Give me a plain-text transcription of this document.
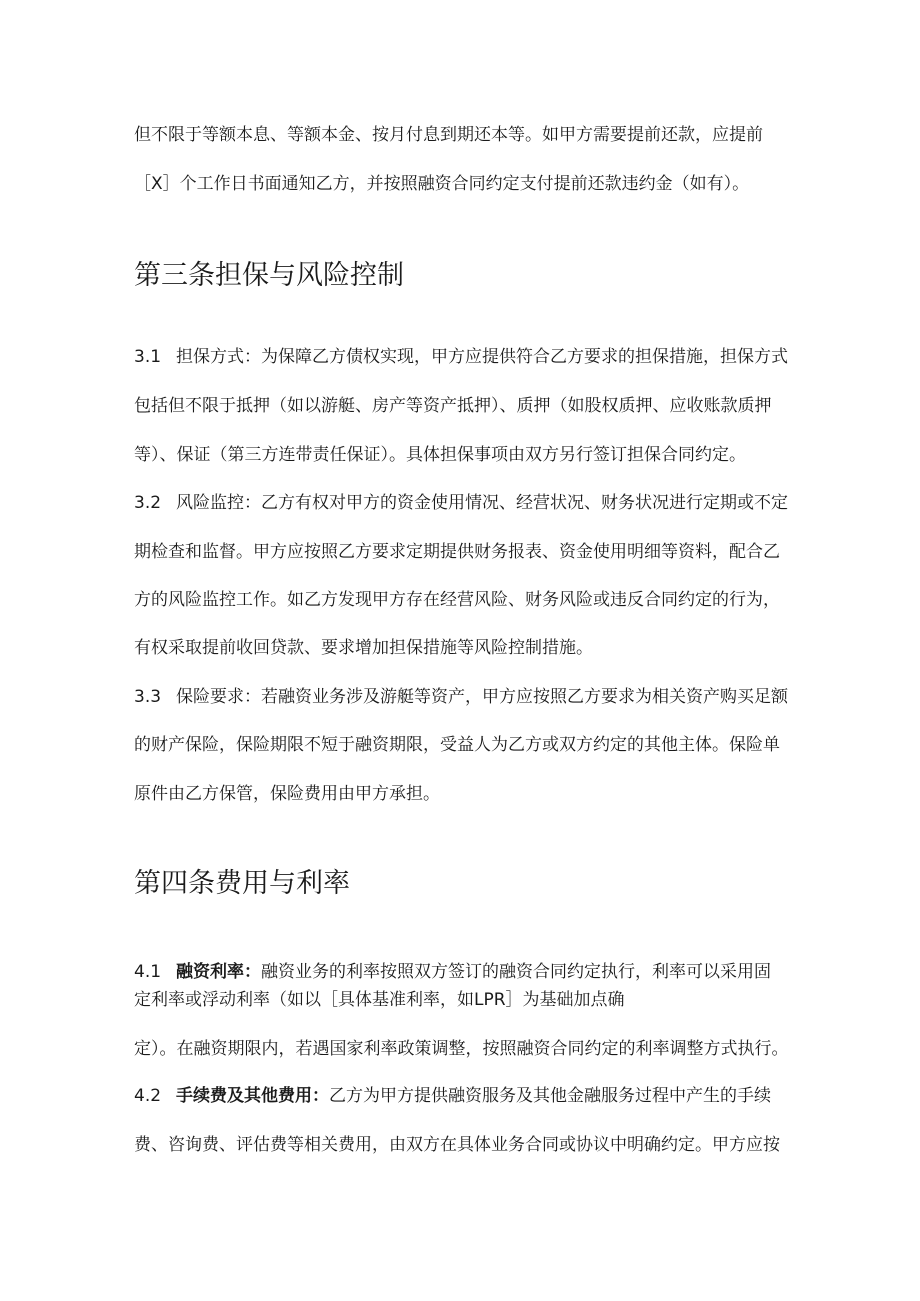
但不限于等额本息、等额本金、按月付息到期还本等。如甲方需要提前还款，应提前
［X］个工作日书面通知乙方，并按照融资合同约定支付提前还款违约金（如有）。
第三条担保与风险控制
3.1 担保方式：为保障乙方债权实现，甲方应提供符合乙方要求的担保措施，担保方式
包括但不限于抵押（如以游艇、房产等资产抵押）、质押（如股权质押、应收账款质押
等）、保证（第三方连带责任保证）。具体担保事项由双方另行签订担保合同约定。
3.2 风险监控：乙方有权对甲方的资金使用情况、经营状况、财务状况进行定期或不定
期检查和监督。甲方应按照乙方要求定期提供财务报表、资金使用明细等资料，配合乙
方的风险监控工作。如乙方发现甲方存在经营风险、财务风险或违反合同约定的行为，
有权采取提前收回贷款、要求增加担保措施等风险控制措施。
3.3 保险要求：若融资业务涉及游艇等资产，甲方应按照乙方要求为相关资产购买足额
的财产保险，保险期限不短于融资期限，受益人为乙方或双方约定的其他主体。保险单
原件由乙方保管，保险费用由甲方承担。
第四条费用与利率
4.1 融资利率：融资业务的利率按照双方签订的融资合同约定执行，利率可以采用固
定利率或浮动利率（如以［具体基准利率，如LPR］为基础加点确
定）。在融资期限内，若遇国家利率政策调整，按照融资合同约定的利率调整方式执行。
4.2 手续费及其他费用：乙方为甲方提供融资服务及其他金融服务过程中产生的手续
费、咨询费、评估费等相关费用，由双方在具体业务合同或协议中明确约定。甲方应按
